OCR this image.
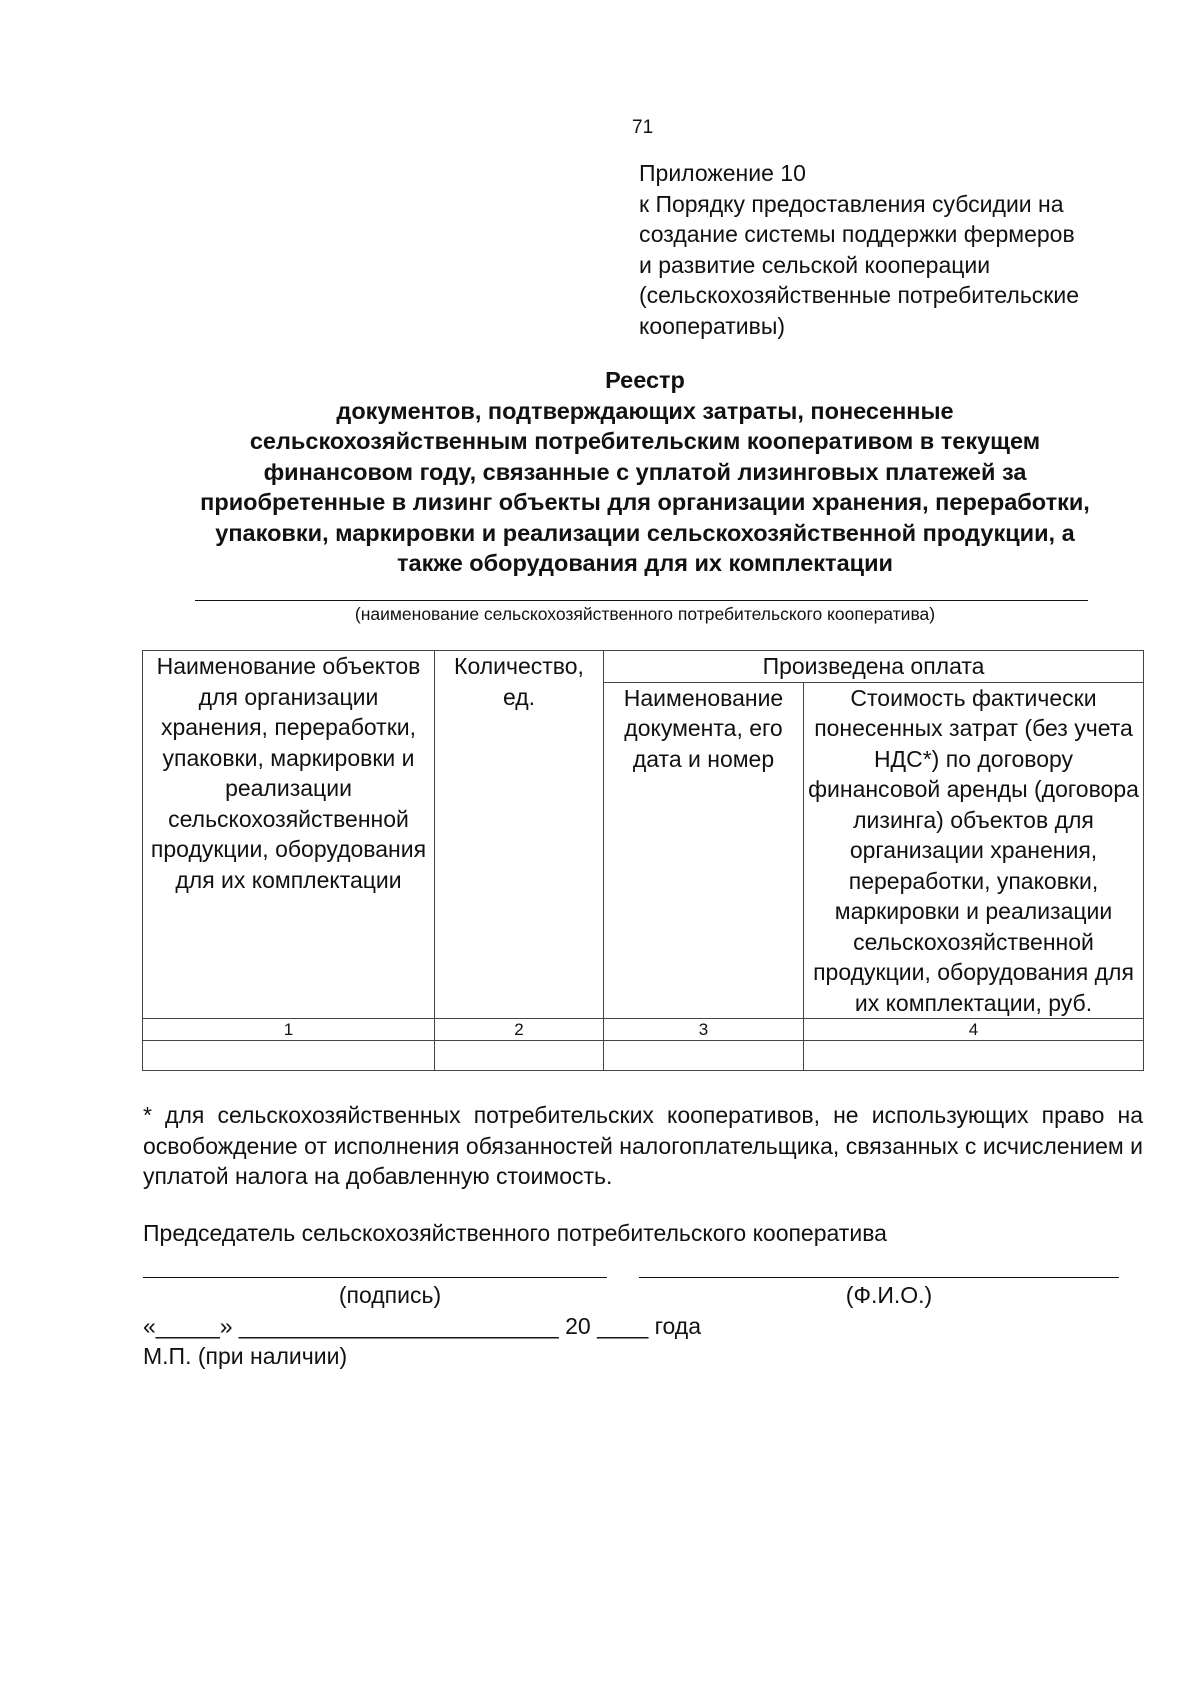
71
Приложение 10
к Порядку предоставления субсидии на
создание системы поддержки фермеров
и развитие сельской кооперации
(сельскохозяйственные потребительские
кооперативы)
Реестр
документов, подтверждающих затраты, понесенные
сельскохозяйственным потребительским кооперативом в текущем
финансовом году, связанные с уплатой лизинговых платежей за
приобретенные в лизинг объекты для организации хранения, переработки,
упаковки, маркировки и реализации сельскохозяйственной продукции, а
также оборудования для их комплектации
(наименование сельскохозяйственного потребительского кооператива)
Наименование объектов для организации хранения, переработки, упаковки, маркировки и реализации сельскохозяйственной продукции, оборудования для их комплектации	Количество, ед.	Произведена оплата	
		Наименование документа, его дата и номер	Стоимость фактически понесенных затрат (без учета НДС*) по договору финансовой аренды (договора лизинга) объектов для организации хранения, переработки, упаковки, маркировки и реализации сельскохозяйственной продукции, оборудования для их комплектации, руб.
1	2	3	4

* для сельскохозяйственных потребительских кооперативов, не использующих право на освобождение от исполнения обязанностей налогоплательщика, связанных с исчислением и уплатой налога на добавленную стоимость.
Председатель сельскохозяйственного потребительского кооператива
(подпись)	(Ф.И.О.)
«_____» _________________________ 20 ____ года
М.П. (при наличии)
